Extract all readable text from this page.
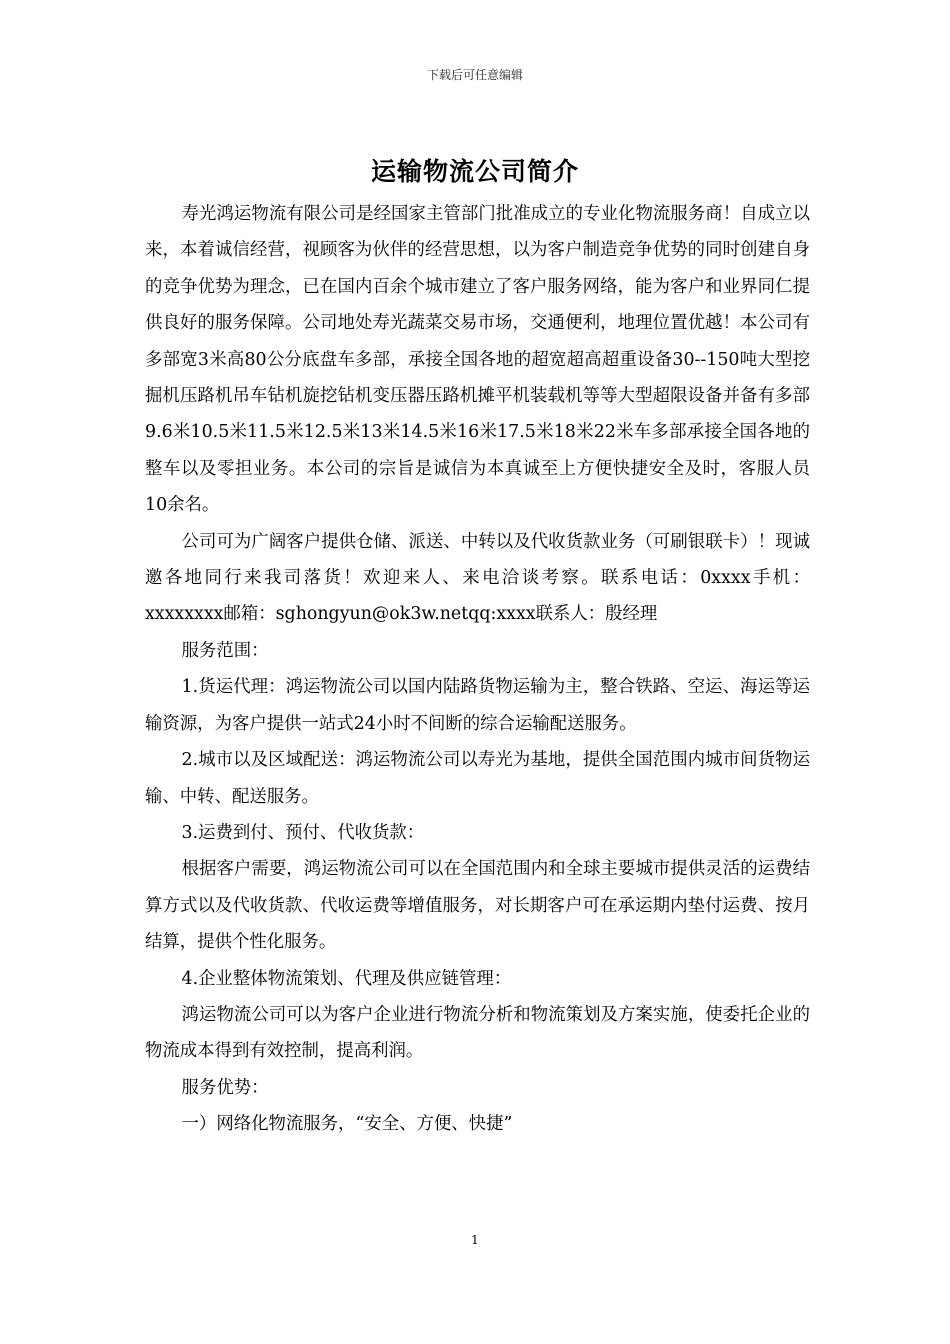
下载后可任意编辑
运输物流公司简介

寿光鸿运物流有限公司是经国家主管部门批准成立的专业化物流服务商！自成立以来，本着诚信经营，视顾客为伙伴的经营思想，以为客户制造竞争优势的同时创建自身的竞争优势为理念，已在国内百余个城市建立了客户服务网络，能为客户和业界同仁提供良好的服务保障。公司地处寿光蔬菜交易市场，交通便利，地理位置优越！本公司有多部宽3米高80公分底盘车多部，承接全国各地的超宽超高超重设备30--150吨大型挖掘机压路机吊车钻机旋挖钻机变压器压路机摊平机装载机等等大型超限设备并备有多部9.6米10.5米11.5米12.5米13米14.5米16米17.5米18米22米车多部承接全国各地的整车以及零担业务。本公司的宗旨是诚信为本真诚至上方便快捷安全及时，客服人员10余名。

公司可为广阔客户提供仓储、派送、中转以及代收货款业务（可刷银联卡）！现诚邀各地同行来我司落货！欢迎来人、来电洽谈考察。联系电话：0xxxx手机：xxxxxxxx邮箱：sghongyun@ok3w.netqq:xxxx联系人：殷经理

服务范围：

1.货运代理：鸿运物流公司以国内陆路货物运输为主，整合铁路、空运、海运等运输资源，为客户提供一站式24小时不间断的综合运输配送服务。

2.城市以及区域配送：鸿运物流公司以寿光为基地，提供全国范围内城市间货物运输、中转、配送服务。

3.运费到付、预付、代收货款：

根据客户需要，鸿运物流公司可以在全国范围内和全球主要城市提供灵活的运费结算方式以及代收货款、代收运费等增值服务，对长期客户可在承运期内垫付运费、按月结算，提供个性化服务。

4.企业整体物流策划、代理及供应链管理：

鸿运物流公司可以为客户企业进行物流分析和物流策划及方案实施，使委托企业的物流成本得到有效控制，提高利润。

服务优势：

一）网络化物流服务，“安全、方便、快捷”

1
